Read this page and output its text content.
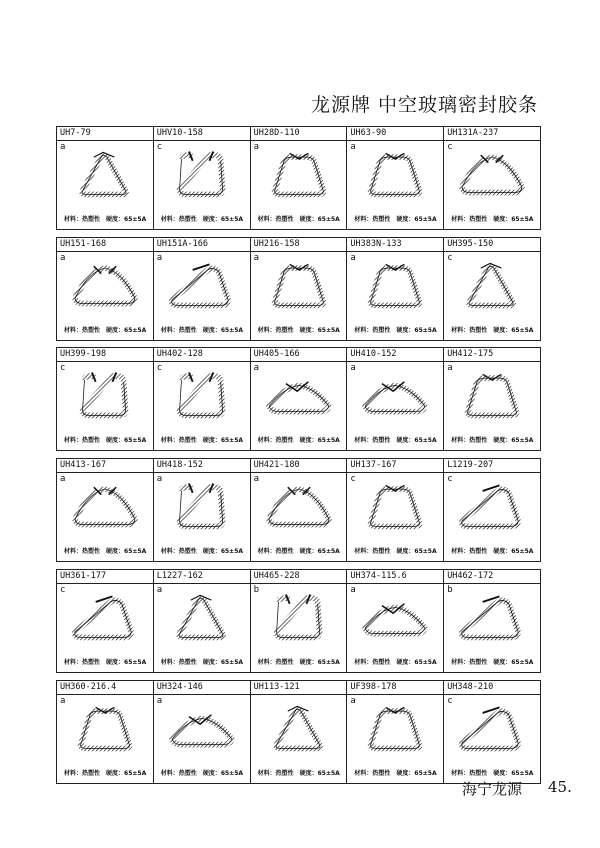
龙源牌 中空玻璃密封胶条
UH7-79
a
材料：热塑性 硬度：65±5A
UHV10-158
c
材料：热塑性 硬度：65±5A
UH28D-110
a
材料：热塑性 硬度：65±5A
UH63-90
a
材料：热塑性 硬度：65±5A
UH131A-237
c
材料：热塑性 硬度：65±5A
UH151-168
a
材料：热塑性 硬度：65±5A
UH151A-166
a
材料：热塑性 硬度：65±5A
UH216-158
a
材料：热塑性 硬度：65±5A
UH383N-133
a
材料：热塑性 硬度：65±5A
UH395-150
c
材料：热塑性 硬度：65±5A
UH399-198
c
材料：热塑性 硬度：65±5A
UH402-128
c
材料：热塑性 硬度：65±5A
UH405-166
a
材料：热塑性 硬度：65±5A
UH410-152
a
材料：热塑性 硬度：65±5A
UH412-175
a
材料：热塑性 硬度：65±5A
UH413-167
a
材料：热塑性 硬度：65±5A
UH418-152
a
材料：热塑性 硬度：65±5A
UH421-180
a
材料：热塑性 硬度：65±5A
UH137-167
c
材料：热塑性 硬度：65±5A
L1219-207
c
材料：热塑性 硬度：65±5A
UH361-177
c
材料：热塑性 硬度：65±5A
L1227-162
a
材料：热塑性 硬度：65±5A
UH465-228
b
材料：热塑性 硬度：65±5A
UH374-115.6
a
材料：热塑性 硬度：65±5A
UH462-172
b
材料：热塑性 硬度：65±5A
UH360-216.4
a
材料：热塑性 硬度：65±5A
UH324-146
a
材料：热塑性 硬度：65±5A
UH113-121
材料：热塑性 硬度：65±5A
UF398-178
a
材料：热塑性 硬度：65±5A
UH348-210
c
材料：热塑性 硬度：65±5A
海宁龙源 45.
